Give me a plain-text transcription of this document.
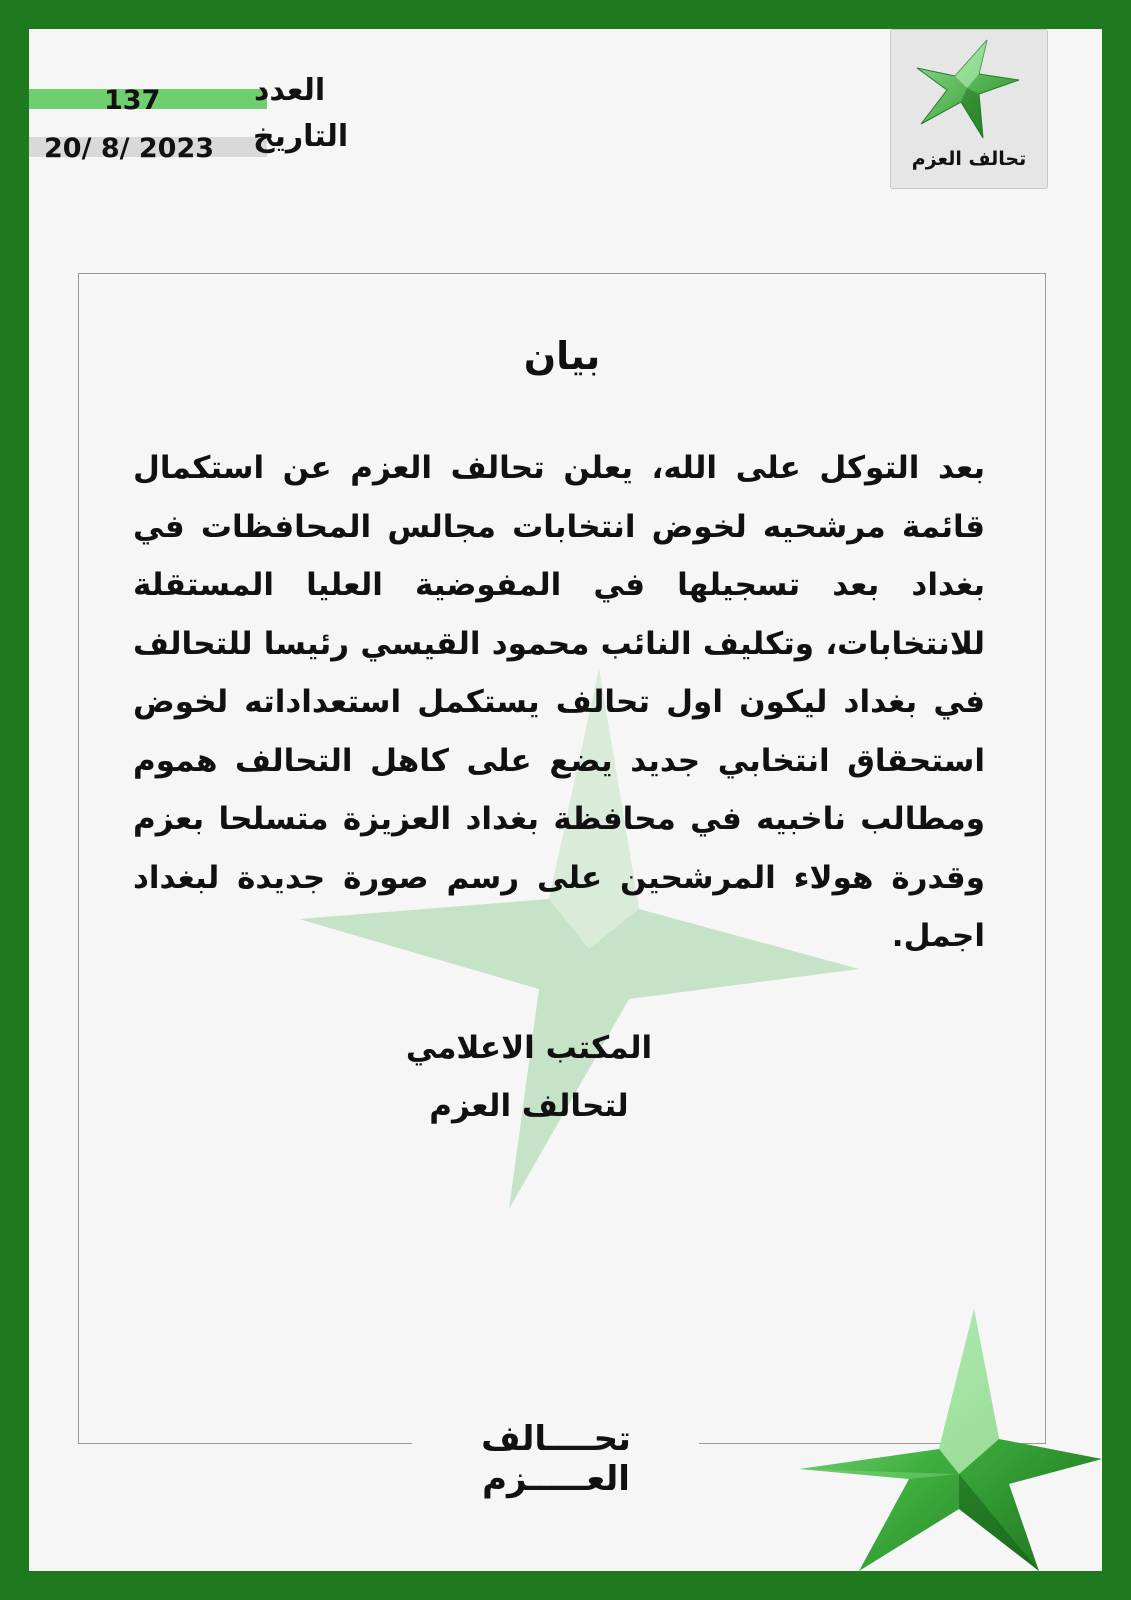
العدد
137
التاريخ
20/ 8/ 2023	تحالف العزم
بيان
بعد التوكل على الله، يعلن تحالف العزم عن استكمال قائمة مرشحيه لخوض انتخابات مجالس المحافظات في بغداد بعد تسجيلها في المفوضية العليا المستقلة للانتخابات، وتكليف النائب محمود القيسي رئيسا للتحالف في بغداد ليكون اول تحالف يستكمل استعداداته لخوض استحقاق انتخابي جديد يضع على كاهل التحالف هموم ومطالب ناخبيه في محافظة بغداد العزيزة متسلحا بعزم وقدرة هولاء المرشحين على رسم صورة جديدة لبغداد اجمل.
المكتب الاعلامي
لتحالف العزم
تحــــالف العـــــزم
